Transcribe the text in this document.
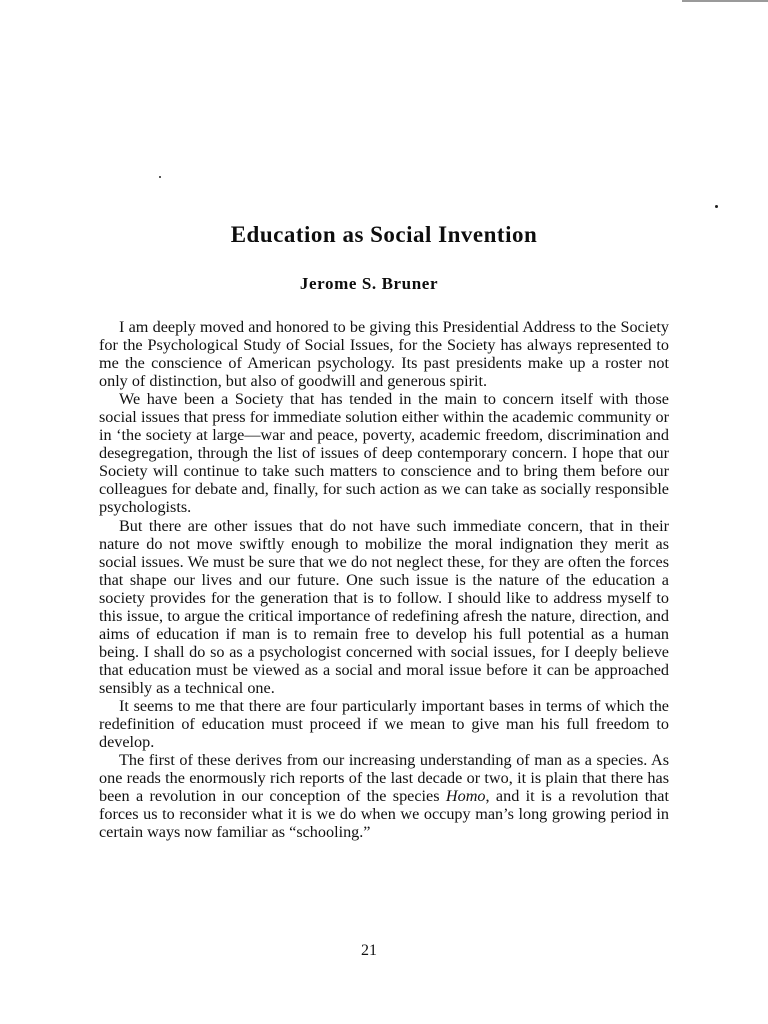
Education as Social Invention
Jerome S. Bruner

I am deeply moved and honored to be giving this Presidential Address to the Society for the Psychological Study of Social Issues, for the Society has always represented to me the conscience of American psychology. Its past presidents make up a roster not only of distinction, but also of goodwill and generous spirit.

We have been a Society that has tended in the main to concern itself with those social issues that press for immediate solution either within the academic community or in ‘the society at large—war and peace, poverty, academic freedom, discrimination and desegregation, through the list of issues of deep contemporary concern. I hope that our Society will continue to take such matters to conscience and to bring them before our colleagues for debate and, finally, for such action as we can take as socially responsible psychologists.

But there are other issues that do not have such immediate concern, that in their nature do not move swiftly enough to mobilize the moral indignation they merit as social issues. We must be sure that we do not neglect these, for they are often the forces that shape our lives and our future. One such issue is the nature of the education a society provides for the generation that is to follow. I should like to address myself to this issue, to argue the critical importance of redefining afresh the nature, direction, and aims of education if man is to remain free to develop his full potential as a human being. I shall do so as a psychologist concerned with social issues, for I deeply believe that education must be viewed as a social and moral issue before it can be approached sensibly as a technical one.

It seems to me that there are four particularly important bases in terms of which the redefinition of education must proceed if we mean to give man his full freedom to develop.

The first of these derives from our increasing understanding of man as a species. As one reads the enormously rich reports of the last decade or two, it is plain that there has been a revolution in our conception of the species Homo, and it is a revolution that forces us to reconsider what it is we do when we occupy man’s long growing period in certain ways now familiar as “schooling.”

21
